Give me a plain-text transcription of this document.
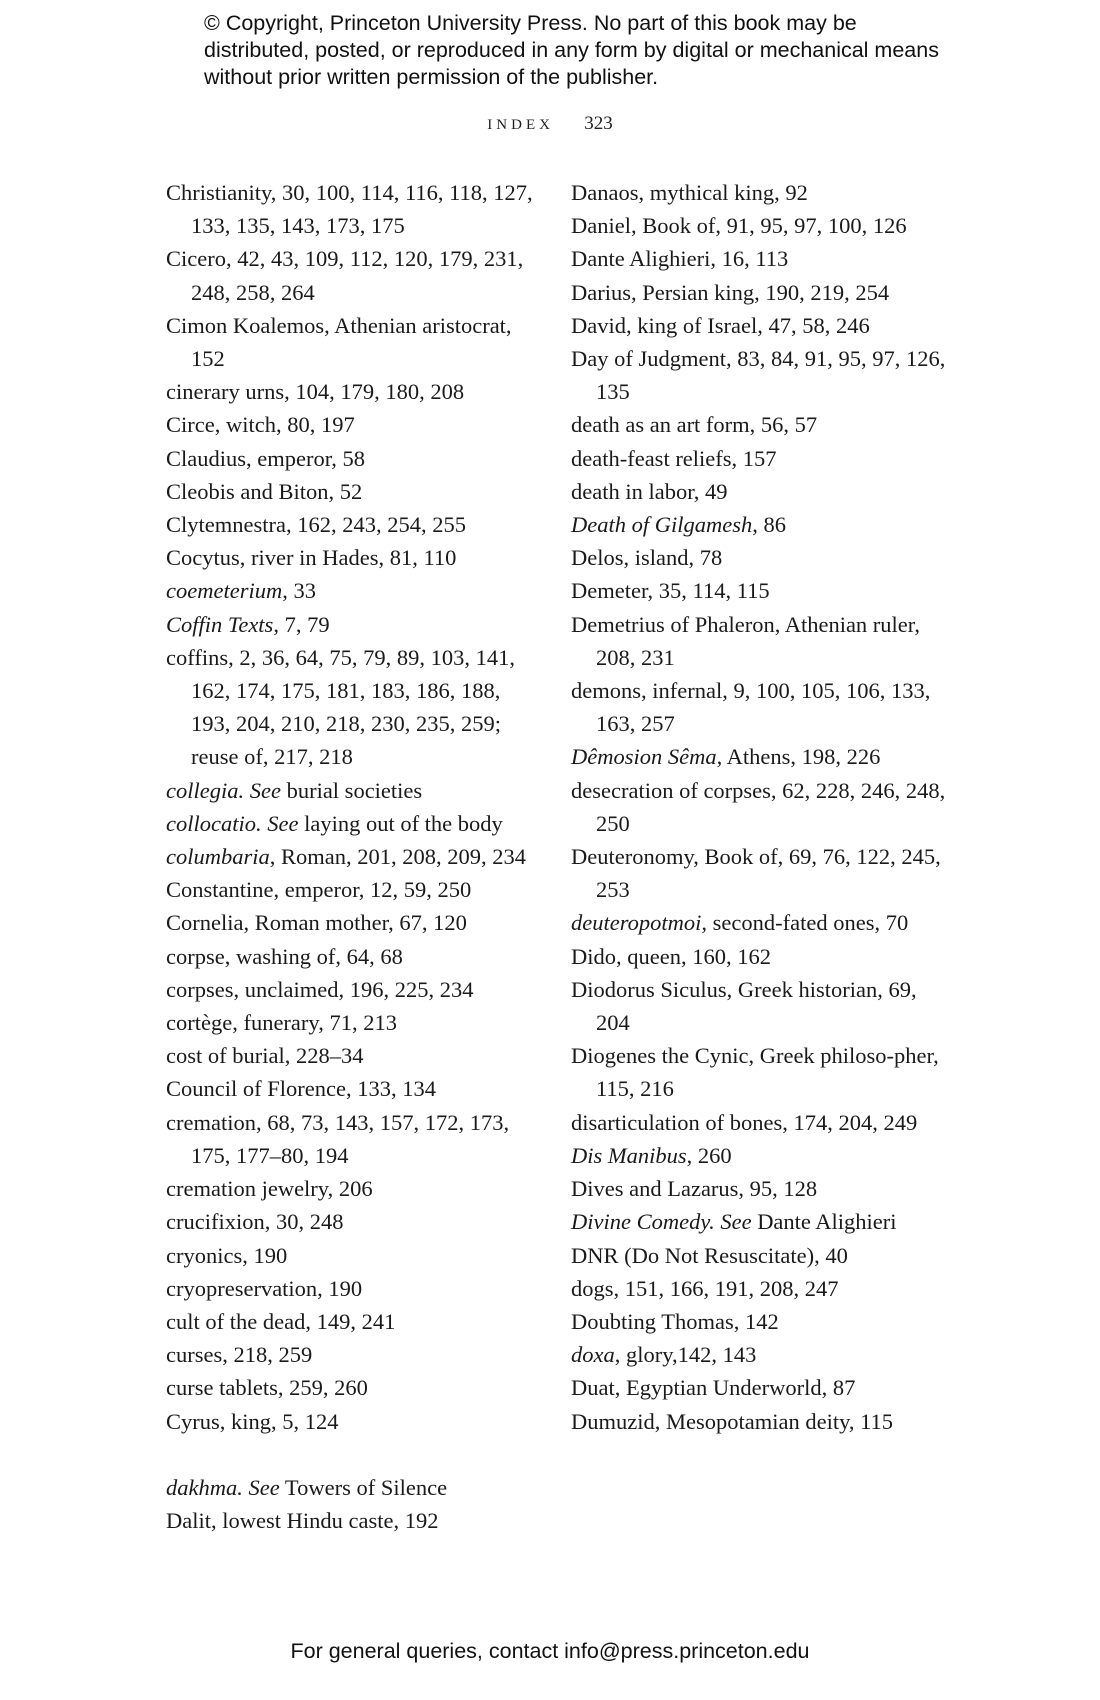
© Copyright, Princeton University Press. No part of this book may be distributed, posted, or reproduced in any form by digital or mechanical means without prior written permission of the publisher.
INDEX 323

Christianity, 30, 100, 114, 116, 118, 127, 133, 135, 143, 173, 175

Cicero, 42, 43, 109, 112, 120, 179, 231, 248, 258, 264

Cimon Koalemos, Athenian aristocrat, 152

cinerary urns, 104, 179, 180, 208

Circe, witch, 80, 197

Claudius, emperor, 58

Cleobis and Biton, 52

Clytemnestra, 162, 243, 254, 255

Cocytus, river in Hades, 81, 110

coemeterium, 33

Coffin Texts, 7, 79

coffins, 2, 36, 64, 75, 79, 89, 103, 141, 162, 174, 175, 181, 183, 186, 188, 193, 204, 210, 218, 230, 235, 259; reuse of, 217, 218

collegia. See burial societies

collocatio. See laying out of the body

columbaria, Roman, 201, 208, 209, 234

Constantine, emperor, 12, 59, 250

Cornelia, Roman mother, 67, 120

corpse, washing of, 64, 68

corpses, unclaimed, 196, 225, 234

cortège, funerary, 71, 213

cost of burial, 228–34

Council of Florence, 133, 134

cremation, 68, 73, 143, 157, 172, 173, 175, 177–80, 194

cremation jewelry, 206

crucifixion, 30, 248

cryonics, 190

cryopreservation, 190

cult of the dead, 149, 241

curses, 218, 259

curse tablets, 259, 260

Cyrus, king, 5, 124

dakhma. See Towers of Silence

Dalit, lowest Hindu caste, 192

Danaos, mythical king, 92

Daniel, Book of, 91, 95, 97, 100, 126

Dante Alighieri, 16, 113

Darius, Persian king, 190, 219, 254

David, king of Israel, 47, 58, 246

Day of Judgment, 83, 84, 91, 95, 97, 126, 135

death as an art form, 56, 57

death-feast reliefs, 157

death in labor, 49

Death of Gilgamesh, 86

Delos, island, 78

Demeter, 35, 114, 115

Demetrius of Phaleron, Athenian ruler, 208, 231

demons, infernal, 9, 100, 105, 106, 133, 163, 257

Dêmosion Sêma, Athens, 198, 226

desecration of corpses, 62, 228, 246, 248, 250

Deuteronomy, Book of, 69, 76, 122, 245, 253

deuteropotmoi, second-fated ones, 70

Dido, queen, 160, 162

Diodorus Siculus, Greek historian, 69, 204

Diogenes the Cynic, Greek philoso-pher, 115, 216

disarticulation of bones, 174, 204, 249

Dis Manibus, 260

Dives and Lazarus, 95, 128

Divine Comedy. See Dante Alighieri

DNR (Do Not Resuscitate), 40

dogs, 151, 166, 191, 208, 247

Doubting Thomas, 142

doxa, glory,142, 143

Duat, Egyptian Underworld, 87

Dumuzid, Mesopotamian deity, 115

For general queries, contact info@press.princeton.edu
